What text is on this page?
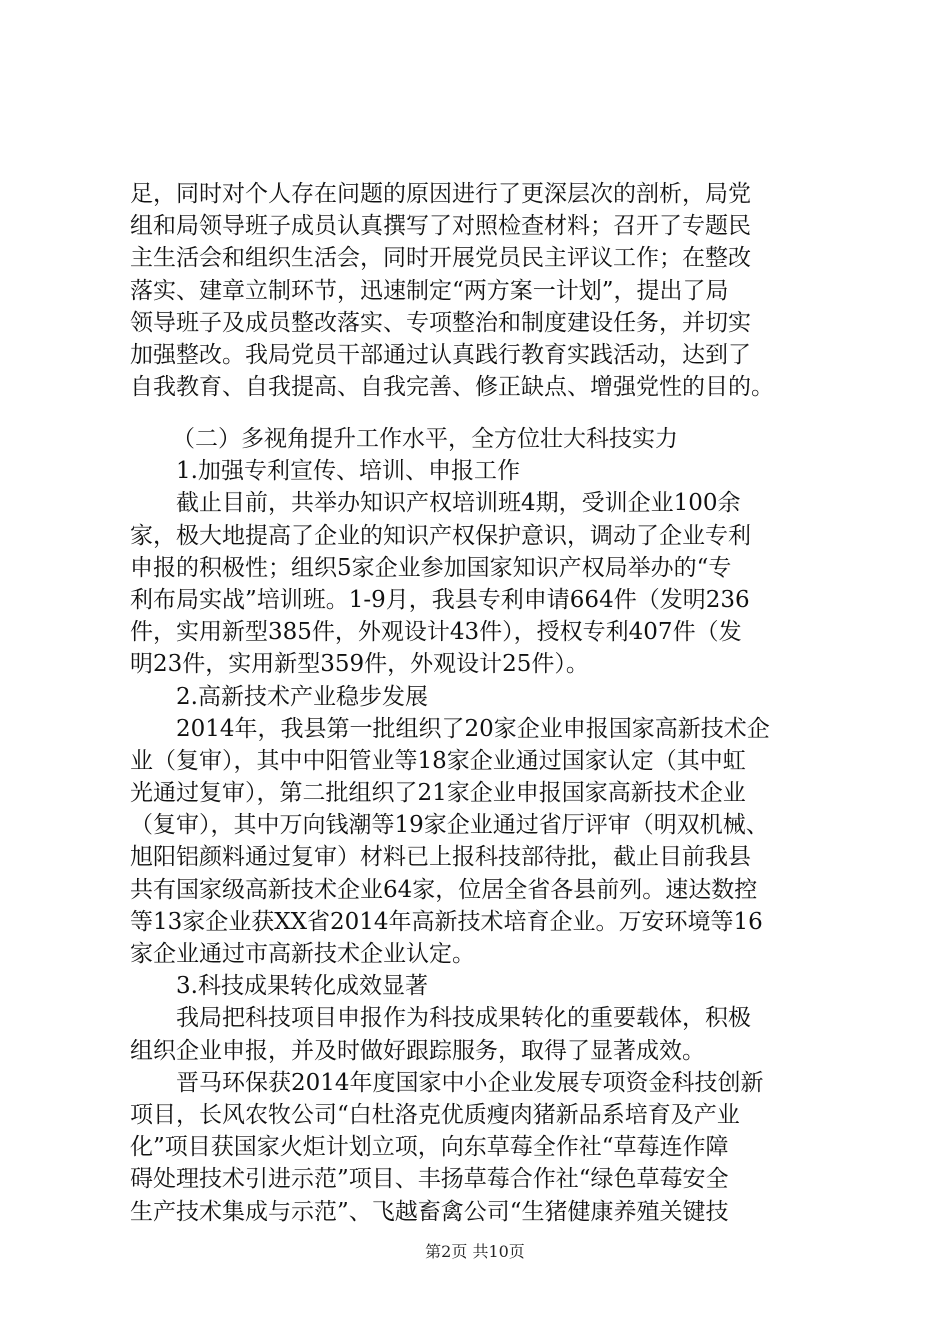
足，同时对个人存在问题的原因进行了更深层次的剖析，局党
组和局领导班子成员认真撰写了对照检查材料；召开了专题民
主生活会和组织生活会，同时开展党员民主评议工作；在整改
落实、建章立制环节，迅速制定“两方案一计划”，提出了局
领导班子及成员整改落实、专项整治和制度建设任务，并切实
加强整改。我局党员干部通过认真践行教育实践活动，达到了
自我教育、自我提高、自我完善、修正缺点、增强党性的目的。
（二）多视角提升工作水平，全方位壮大科技实力
1.加强专利宣传、培训、申报工作
截止目前，共举办知识产权培训班4期，受训企业100余
家，极大地提高了企业的知识产权保护意识，调动了企业专利
申报的积极性；组织5家企业参加国家知识产权局举办的“专
利布局实战”培训班。1-9月，我县专利申请664件（发明236
件，实用新型385件，外观设计43件），授权专利407件（发
明23件，实用新型359件，外观设计25件）。
2.高新技术产业稳步发展
2014年，我县第一批组织了20家企业申报国家高新技术企
业（复审），其中中阳管业等18家企业通过国家认定（其中虹
光通过复审），第二批组织了21家企业申报国家高新技术企业
（复审），其中万向钱潮等19家企业通过省厅评审（明双机械、
旭阳铝颜料通过复审）材料已上报科技部待批，截止目前我县
共有国家级高新技术企业64家，位居全省各县前列。速达数控
等13家企业获XX省2014年高新技术培育企业。万安环境等16
家企业通过市高新技术企业认定。
3.科技成果转化成效显著
我局把科技项目申报作为科技成果转化的重要载体，积极
组织企业申报，并及时做好跟踪服务，取得了显著成效。
晋马环保获2014年度国家中小企业发展专项资金科技创新
项目，长风农牧公司“白杜洛克优质瘦肉猪新品系培育及产业
化”项目获国家火炬计划立项，向东草莓全作社“草莓连作障
碍处理技术引进示范”项目、丰扬草莓合作社“绿色草莓安全
生产技术集成与示范”、飞越畜禽公司“生猪健康养殖关键技
第2页 共10页
